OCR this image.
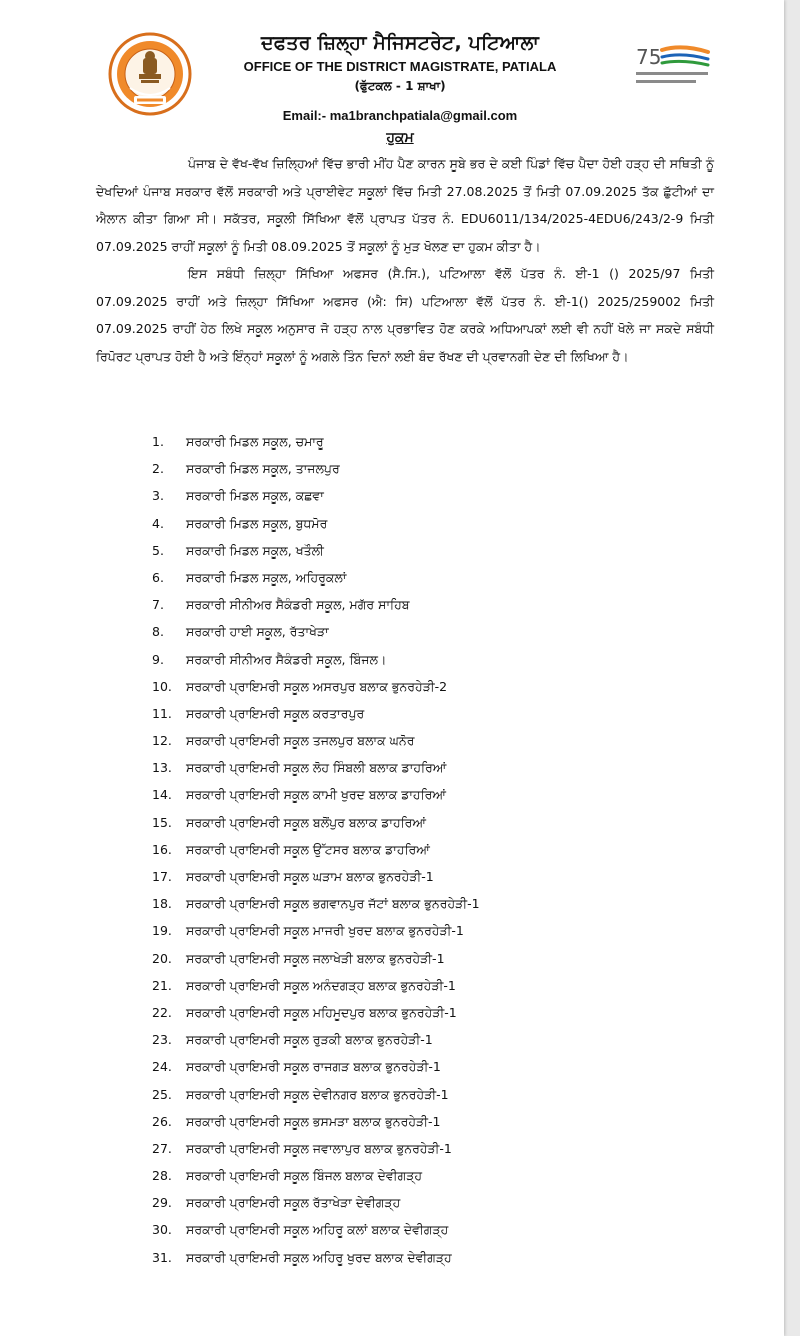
ਦਫਤਰ ਜ਼ਿਲ੍ਹਾ ਮੈਜਿਸਟਰੇਟ, ਪਟਿਆਲਾ
OFFICE OF THE DISTRICT MAGISTRATE, PATIALA
(ਫੁੱਟਕਲ - 1 ਸ਼ਾਖਾ)
75
Email:- ma1branchpatiala@gmail.com
ਹੁਕਮ

ਪੰਜਾਬ ਦੇ ਵੱਖ-ਵੱਖ ਜ਼ਿਲ੍ਹਿਆਂ ਵਿੱਚ ਭਾਰੀ ਮੀਂਹ ਪੈਣ ਕਾਰਨ ਸੂਬੇ ਭਰ ਦੇ ਕਈ ਪਿੰਡਾਂ ਵਿੱਚ ਪੈਦਾ ਹੋਈ ਹੜ੍ਹ ਦੀ ਸਥਿਤੀ ਨੂੰ ਦੇਖਦਿਆਂ ਪੰਜਾਬ ਸਰਕਾਰ ਵੱਲੋਂ ਸਰਕਾਰੀ ਅਤੇ ਪ੍ਰਾਈਵੇਟ ਸਕੂਲਾਂ ਵਿੱਚ ਮਿਤੀ 27.08.2025 ਤੋਂ ਮਿਤੀ 07.09.2025 ਤੱਕ ਛੁੱਟੀਆਂ ਦਾ ਐਲਾਨ ਕੀਤਾ ਗਿਆ ਸੀ। ਸਕੱਤਰ, ਸਕੂਲੀ ਸਿੱਖਿਆ ਵੱਲੋਂ ਪ੍ਰਾਪਤ ਪੱਤਰ ਨੰ. EDU6011/134/2025-4EDU6/243/2-9 ਮਿਤੀ 07.09.2025 ਰਾਹੀਂ ਸਕੂਲਾਂ ਨੂੰ ਮਿਤੀ 08.09.2025 ਤੋਂ ਸਕੂਲਾਂ ਨੂੰ ਮੁੜ ਖੋਲਣ ਦਾ ਹੁਕਮ ਕੀਤਾ ਹੈ।

ਇਸ ਸਬੰਧੀ ਜ਼ਿਲ੍ਹਾ ਸਿੱਖਿਆ ਅਫਸਰ (ਸੈ.ਸਿ.), ਪਟਿਆਲਾ ਵੱਲੋਂ ਪੱਤਰ ਨੰ. ਈ-1 () 2025/97 ਮਿਤੀ 07.09.2025 ਰਾਹੀਂ ਅਤੇ ਜ਼ਿਲ੍ਹਾ ਸਿੱਖਿਆ ਅਫਸਰ (ਐ: ਸਿ) ਪਟਿਆਲਾ ਵੱਲੋਂ ਪੱਤਰ ਨੰ. ਈ-1() 2025/259002 ਮਿਤੀ 07.09.2025 ਰਾਹੀਂ ਹੇਠ ਲਿਖੇ ਸਕੂਲ ਅਨੁਸਾਰ ਜੋ ਹੜ੍ਹ ਨਾਲ ਪ੍ਰਭਾਵਿਤ ਹੋਣ ਕਰਕੇ ਅਧਿਆਪਕਾਂ ਲਈ ਵੀ ਨਹੀਂ ਖੋਲੇ ਜਾ ਸਕਦੇ ਸਬੰਧੀ ਰਿਪੋਰਟ ਪ੍ਰਾਪਤ ਹੋਈ ਹੈ ਅਤੇ ਇੰਨ੍ਹਾਂ ਸਕੂਲਾਂ ਨੂੰ ਅਗਲੇ ਤਿੰਨ ਦਿਨਾਂ ਲਈ ਬੰਦ ਰੱਖਣ ਦੀ ਪ੍ਰਵਾਨਗੀ ਦੇਣ ਦੀ ਲਿਖਿਆ ਹੈ।

1. ਸਰਕਾਰੀ ਮਿਡਲ ਸਕੂਲ, ਚਮਾਰੂ
2. ਸਰਕਾਰੀ ਮਿਡਲ ਸਕੂਲ, ਤਾਜਲਪੁਰ
3. ਸਰਕਾਰੀ ਮਿਡਲ ਸਕੂਲ, ਕਛਵਾ
4. ਸਰਕਾਰੀ ਮਿਡਲ ਸਕੂਲ, ਬੁਧਮੋਰ
5. ਸਰਕਾਰੀ ਮਿਡਲ ਸਕੂਲ, ਖਤੌਲੀ
6. ਸਰਕਾਰੀ ਮਿਡਲ ਸਕੂਲ, ਅਹਿਰੂਕਲਾਂ
7. ਸਰਕਾਰੀ ਸੀਨੀਅਰ ਸੈਕੰਡਰੀ ਸਕੂਲ, ਮਗੱਰ ਸਾਹਿਬ
8. ਸਰਕਾਰੀ ਹਾਈ ਸਕੂਲ, ਰੱਤਾਖੇੜਾ
9. ਸਰਕਾਰੀ ਸੀਨੀਅਰ ਸੈਕੰਡਰੀ ਸਕੂਲ, ਬਿੰਜਲ।
10. ਸਰਕਾਰੀ ਪ੍ਰਾਇਮਰੀ ਸਕੂਲ ਅਸਰਪੁਰ ਬਲਾਕ ਭੁਨਰਹੇੜੀ-2
11. ਸਰਕਾਰੀ ਪ੍ਰਾਇਮਰੀ ਸਕੂਲ ਕਰਤਾਰਪੁਰ
12. ਸਰਕਾਰੀ ਪ੍ਰਾਇਮਰੀ ਸਕੂਲ ਤਜਲਪੁਰ ਬਲਾਕ ਘਨੋਰ
13. ਸਰਕਾਰੀ ਪ੍ਰਾਇਮਰੀ ਸਕੂਲ ਲੋਹ ਸਿੰਬਲੀ ਬਲਾਕ ਡਾਹਰਿਆਂ
14. ਸਰਕਾਰੀ ਪ੍ਰਾਇਮਰੀ ਸਕੂਲ ਕਾਮੀ ਖੁਰਦ ਬਲਾਕ ਡਾਹਰਿਆਂ
15. ਸਰਕਾਰੀ ਪ੍ਰਾਇਮਰੀ ਸਕੂਲ ਬਲੋਂਪੁਰ ਬਲਾਕ ਡਾਹਰਿਆਂ
16. ਸਰਕਾਰੀ ਪ੍ਰਾਇਮਰੀ ਸਕੂਲ ਉੱਟਸਰ ਬਲਾਕ ਡਾਹਰਿਆਂ
17. ਸਰਕਾਰੀ ਪ੍ਰਾਇਮਰੀ ਸਕੂਲ ਘੜਾਮ ਬਲਾਕ ਭੁਨਰਹੇੜੀ-1
18. ਸਰਕਾਰੀ ਪ੍ਰਾਇਮਰੀ ਸਕੂਲ ਭਗਵਾਨਪੁਰ ਜੱਟਾਂ ਬਲਾਕ ਭੁਨਰਹੇੜੀ-1
19. ਸਰਕਾਰੀ ਪ੍ਰਾਇਮਰੀ ਸਕੂਲ ਮਾਜਰੀ ਖੁਰਦ ਬਲਾਕ ਭੁਨਰਹੇੜੀ-1
20. ਸਰਕਾਰੀ ਪ੍ਰਾਇਮਰੀ ਸਕੂਲ ਜਲਾਖੇੜੀ ਬਲਾਕ ਭੁਨਰਹੇੜੀ-1
21. ਸਰਕਾਰੀ ਪ੍ਰਾਇਮਰੀ ਸਕੂਲ ਅਨੰਦਗੜ੍ਹ ਬਲਾਕ ਭੁਨਰਹੇੜੀ-1
22. ਸਰਕਾਰੀ ਪ੍ਰਾਇਮਰੀ ਸਕੂਲ ਮਹਿਮੂਦਪੁਰ ਬਲਾਕ ਭੁਨਰਹੇੜੀ-1
23. ਸਰਕਾਰੀ ਪ੍ਰਾਇਮਰੀ ਸਕੂਲ ਰੁੜਕੀ ਬਲਾਕ ਭੁਨਰਹੇੜੀ-1
24. ਸਰਕਾਰੀ ਪ੍ਰਾਇਮਰੀ ਸਕੂਲ ਰਾਜਗੜ ਬਲਾਕ ਭੁਨਰਹੇੜੀ-1
25. ਸਰਕਾਰੀ ਪ੍ਰਾਇਮਰੀ ਸਕੂਲ ਦੇਵੀਨਗਰ ਬਲਾਕ ਭੁਨਰਹੇੜੀ-1
26. ਸਰਕਾਰੀ ਪ੍ਰਾਇਮਰੀ ਸਕੂਲ ਭਸਮੜਾ ਬਲਾਕ ਭੁਨਰਹੇੜੀ-1
27. ਸਰਕਾਰੀ ਪ੍ਰਾਇਮਰੀ ਸਕੂਲ ਜਵਾਲਾਪੁਰ ਬਲਾਕ ਭੁਨਰਹੇੜੀ-1
28. ਸਰਕਾਰੀ ਪ੍ਰਾਇਮਰੀ ਸਕੂਲ ਬਿੰਜਲ ਬਲਾਕ ਦੇਵੀਗੜ੍ਹ
29. ਸਰਕਾਰੀ ਪ੍ਰਾਇਮਰੀ ਸਕੂਲ ਰੱਤਾਖੇੜਾ ਦੇਵੀਗੜ੍ਹ
30. ਸਰਕਾਰੀ ਪ੍ਰਾਇਮਰੀ ਸਕੂਲ ਅਹਿਰੂ ਕਲਾਂ ਬਲਾਕ ਦੇਵੀਗੜ੍ਹ
31. ਸਰਕਾਰੀ ਪ੍ਰਾਇਮਰੀ ਸਕੂਲ ਅਹਿਰੂ ਖੁਰਦ ਬਲਾਕ ਦੇਵੀਗੜ੍ਹ
